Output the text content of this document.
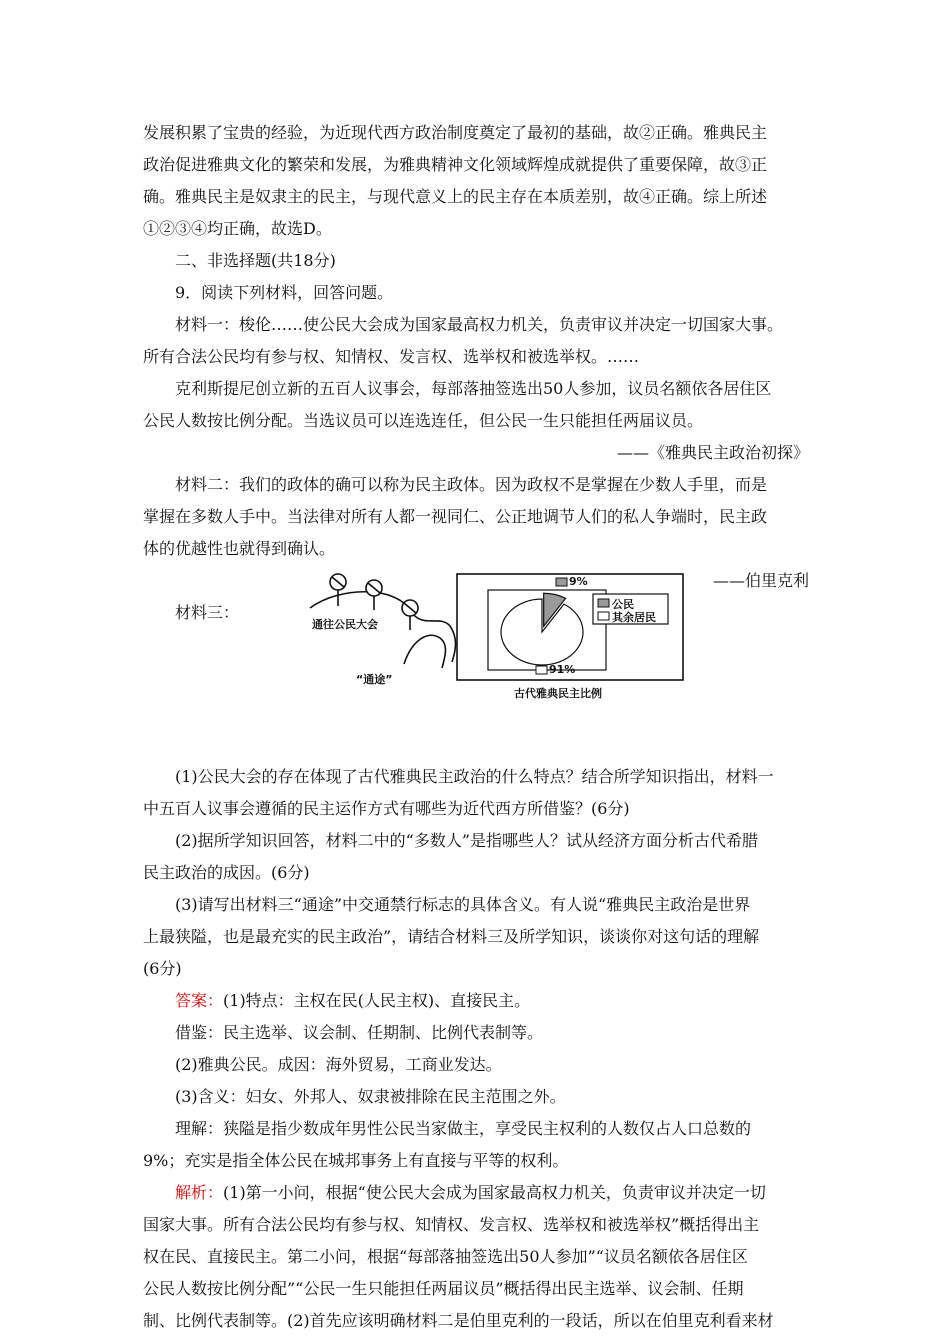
发展积累了宝贵的经验，为近现代西方政治制度奠定了最初的基础，故②正确。雅典民主
政治促进雅典文化的繁荣和发展，为雅典精神文化领域辉煌成就提供了重要保障，故③正
确。雅典民主是奴隶主的民主，与现代意义上的民主存在本质差别，故④正确。综上所述
①②③④均正确，故选D。
二、非选择题(共18分)
9．阅读下列材料，回答问题。
材料一：梭伦……使公民大会成为国家最高权力机关，负责审议并决定一切国家大事。
所有合法公民均有参与权、知情权、发言权、选举权和被选举权。……
克利斯提尼创立新的五百人议事会，每部落抽签选出50人参加，议员名额依各居住区
公民人数按比例分配。当选议员可以连选连任，但公民一生只能担任两届议员。
——《雅典民主政治初探》
材料二：我们的政体的确可以称为民主政体。因为政权不是掌握在少数人手里，而是
掌握在多数人手中。当法律对所有人都一视同仁、公正地调节人们的私人争端时，民主政
体的优越性也就得到确认。
——伯里克利
材料三：
(1)公民大会的存在体现了古代雅典民主政治的什么特点？结合所学知识指出，材料一
中五百人议事会遵循的民主运作方式有哪些为近代西方所借鉴？(6分)
(2)据所学知识回答，材料二中的“多数人”是指哪些人？试从经济方面分析古代希腊
民主政治的成因。(6分)
(3)请写出材料三“通途”中交通禁行标志的具体含义。有人说“雅典民主政治是世界
上最狭隘，也是最充实的民主政治”，请结合材料三及所学知识，谈谈你对这句话的理解
(6分)
答案：(1)特点：主权在民(人民主权)、直接民主。
借鉴：民主选举、议会制、任期制、比例代表制等。
(2)雅典公民。成因：海外贸易，工商业发达。
(3)含义：妇女、外邦人、奴隶被排除在民主范围之外。
理解：狭隘是指少数成年男性公民当家做主，享受民主权利的人数仅占人口总数的
9%；充实是指全体公民在城邦事务上有直接与平等的权利。
解析：(1)第一小问，根据“使公民大会成为国家最高权力机关，负责审议并决定一切
国家大事。所有合法公民均有参与权、知情权、发言权、选举权和被选举权”概括得出主
权在民、直接民主。第二小问，根据“每部落抽签选出50人参加”“议员名额依各居住区
公民人数按比例分配”“公民一生只能担任两届议员”概括得出民主选举、议会制、任期
制、比例代表制等。(2)首先应该明确材料二是伯里克利的一段话，所以在伯里克利看来材
通往公民大会
“通途”
9%
91%
公民
其余居民
古代雅典民主比例
